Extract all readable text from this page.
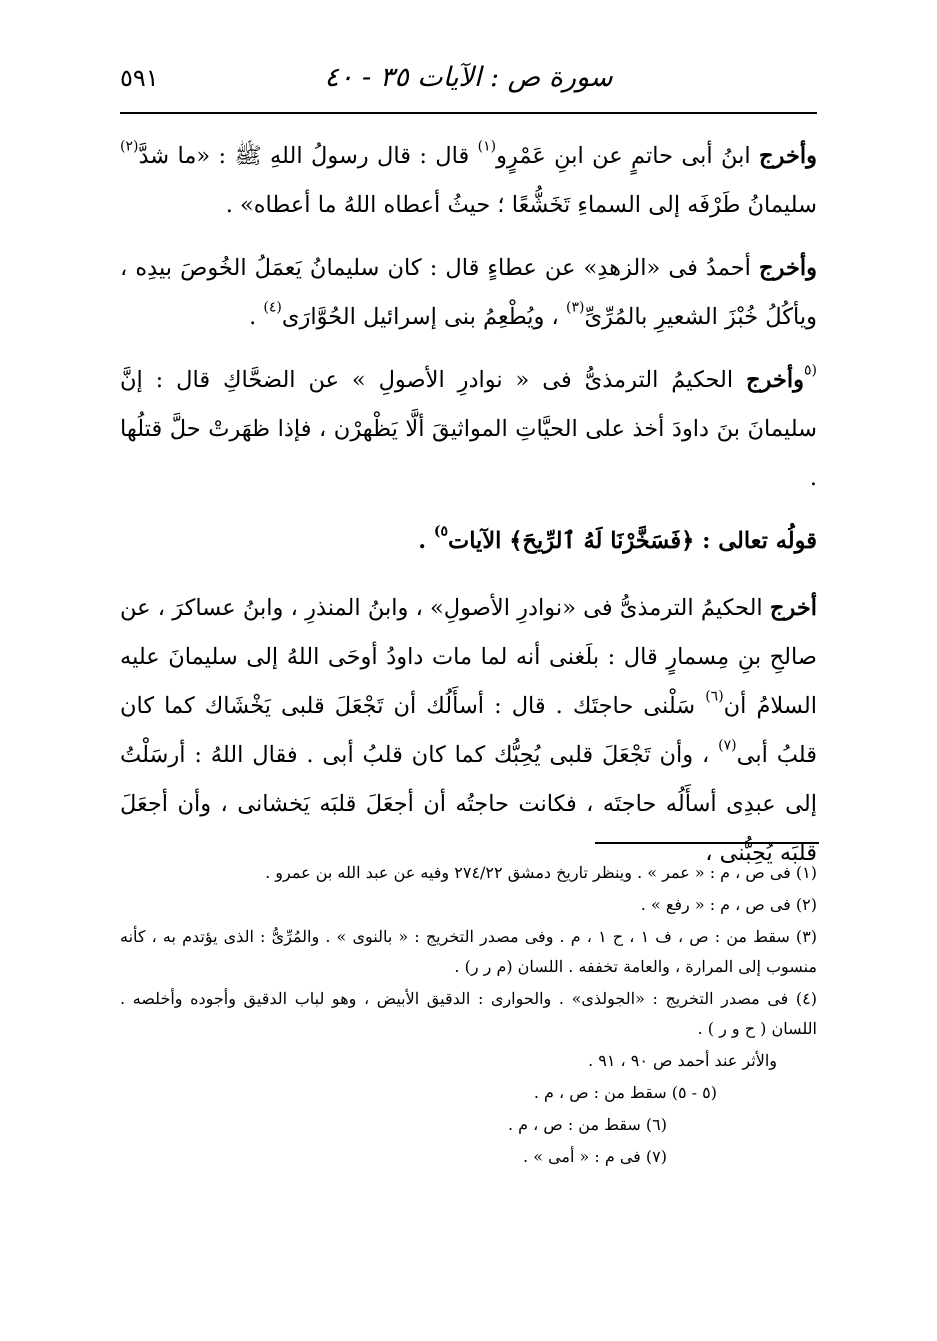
سورة ص : الآيات ٣٥ - ٤٠
٥٩١

وأخرج ابنُ أبى حاتمٍ عن ابنِ عَمْرٍو$^{(١)}$ قال : قال رسولُ اللهِ ﷺ : «ما شدَّ$^{(٢)}$ سليمانُ طَرْفَه إلى السماءِ تَخَشُّعًا ؛ حيثُ أعطاه اللهُ ما أعطاه» .

وأخرج أحمدُ فى «الزهدِ» عن عطاءٍ قال : كان سليمانُ يَعمَلُ الخُوصَ بيدِه ، ويأكُلُ خُبْزَ الشعيرِ بالمُرِّىِّ$^{(٣)}$ ، ويُطْعِمُ بنى إسرائيل الحُوَّارَى$^{(٤)}$ .

$^{(٥}$وأخرج الحكيمُ الترمذىُّ فى « نوادرِ الأصولِ » عن الضحَّاكِ قال : إنَّ سليمانَ بنَ داودَ أخذ على الحيَّاتِ المواثيقَ ألَّا يَظْهرْن ، فإذا ظهَرتْ حلَّ قتلُها .

قولُه تعالى : ﴿فَسَخَّرْنَا لَهُ ٱلرِّيحَ﴾ الآيات$^{٥)}$ .

أخرج الحكيمُ الترمذىُّ فى «نوادرِ الأصولِ» ، وابنُ المنذرِ ، وابنُ عساكرَ ، عن صالحِ بنِ مِسمارٍ قال : بلَغنى أنه لما مات داودُ أوحَى اللهُ إلى سليمانَ عليه السلامُ أن$^{(٦)}$ سَلْنى حاجتَك . قال : أسأَلُك أن تَجْعَلَ قلبى يَخْشَاك كما كان قلبُ أبى$^{(٧)}$ ، وأن تَجْعَلَ قلبى يُحِبُّك كما كان قلبُ أبى . فقال اللهُ : أرسَلْتُ إلى عبدِى أسأَلُه حاجتَه ، فكانت حاجتُه أن أجعَلَ قلبَه يَخشانى ، وأن أجعَلَ قلبَه يُحِبُّنى ،

(١) فى ص ، م : « عمر » . وينظر تاريخ دمشق ٢٧٤/٢٢ وفيه عن عبد الله بن عمرو .
(٢) فى ص ، م : « رفع » .
(٣) سقط من : ص ، ف ١ ، ح ١ ، م . وفى مصدر التخريج : « بالنوى » . والمُرِّىُّ : الذى يؤتدم به ، كأنه منسوب إلى المرارة ، والعامة تخففه . اللسان (م ر ر) .
(٤) فى مصدر التخريج : «الجولذى» . والحوارى : الدقيق الأبيض ، وهو لباب الدقيق وأجوده وأخلصه . اللسان ( ح و ر ) .
والأثر عند أحمد ص ٩٠ ، ٩١ .
(٥ - ٥) سقط من : ص ، م .
(٦) سقط من : ص ، م .
(٧) فى م : « أمى » .
